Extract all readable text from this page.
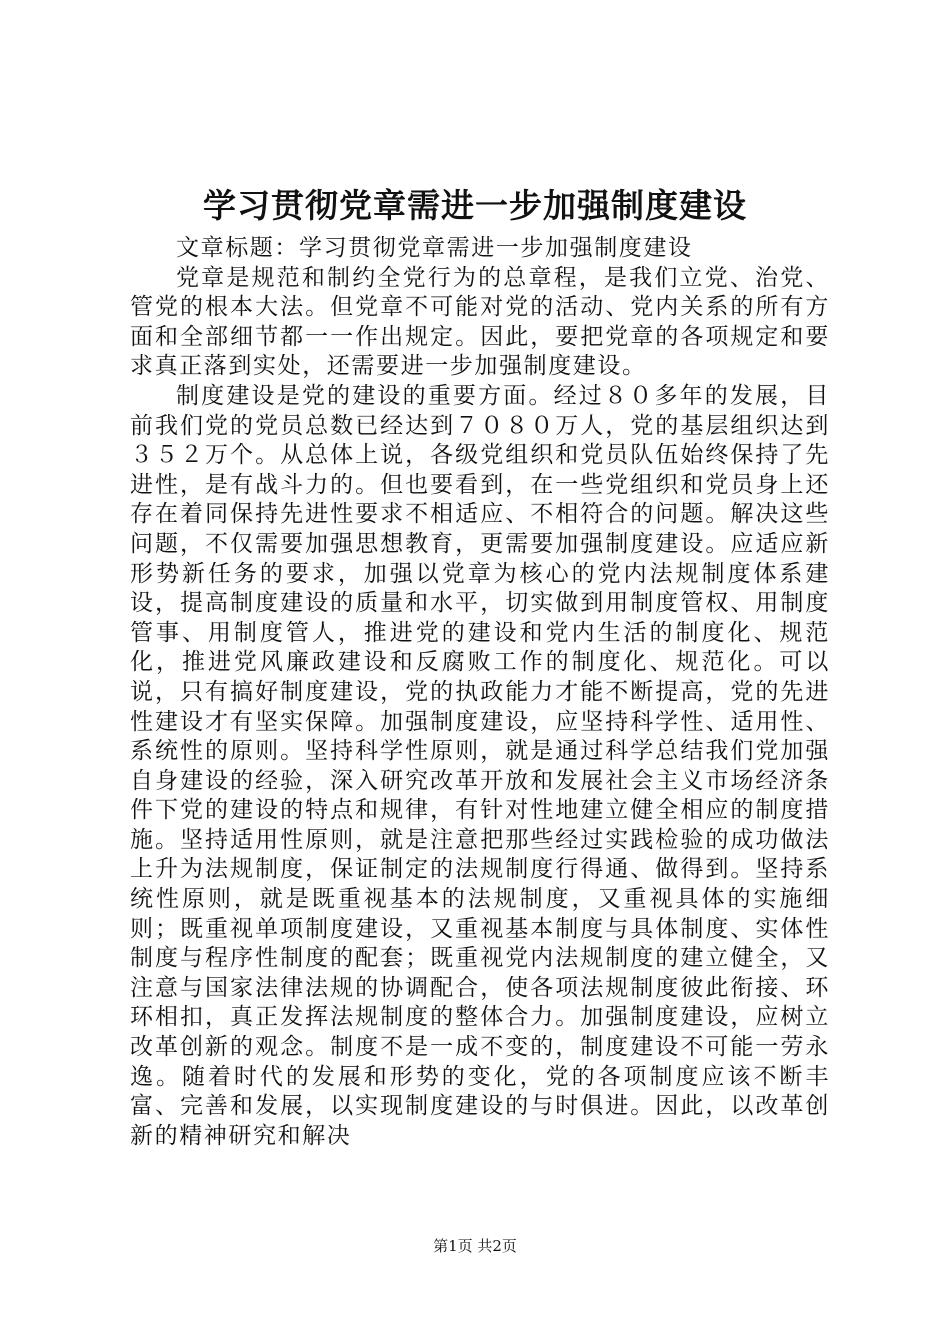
学习贯彻党章需进一步加强制度建设

文章标题：学习贯彻党章需进一步加强制度建设

党章是规范和制约全党行为的总章程，是我们立党、治党、管党的根本大法。但党章不可能对党的活动、党内关系的所有方面和全部细节都一一作出规定。因此，要把党章的各项规定和要求真正落到实处，还需要进一步加强制度建设。

制度建设是党的建设的重要方面。经过８０多年的发展，目前我们党的党员总数已经达到７０８０万人，党的基层组织达到３５２万个。从总体上说，各级党组织和党员队伍始终保持了先进性，是有战斗力的。但也要看到，在一些党组织和党员身上还存在着同保持先进性要求不相适应、不相符合的问题。解决这些问题，不仅需要加强思想教育，更需要加强制度建设。应适应新形势新任务的要求，加强以党章为核心的党内法规制度体系建设，提高制度建设的质量和水平，切实做到用制度管权、用制度管事、用制度管人，推进党的建设和党内生活的制度化、规范化，推进党风廉政建设和反腐败工作的制度化、规范化。可以说，只有搞好制度建设，党的执政能力才能不断提高，党的先进性建设才有坚实保障。加强制度建设，应坚持科学性、适用性、系统性的原则。坚持科学性原则，就是通过科学总结我们党加强自身建设的经验，深入研究改革开放和发展社会主义市场经济条件下党的建设的特点和规律，有针对性地建立健全相应的制度措施。坚持适用性原则，就是注意把那些经过实践检验的成功做法上升为法规制度，保证制定的法规制度行得通、做得到。坚持系统性原则，就是既重视基本的法规制度，又重视具体的实施细则；既重视单项制度建设，又重视基本制度与具体制度、实体性制度与程序性制度的配套；既重视党内法规制度的建立健全，又注意与国家法律法规的协调配合，使各项法规制度彼此衔接、环环相扣，真正发挥法规制度的整体合力。加强制度建设，应树立改革创新的观念。制度不是一成不变的，制度建设不可能一劳永逸。随着时代的发展和形势的变化，党的各项制度应该不断丰富、完善和发展，以实现制度建设的与时俱进。因此，以改革创新的精神研究和解决

第1页 共2页
